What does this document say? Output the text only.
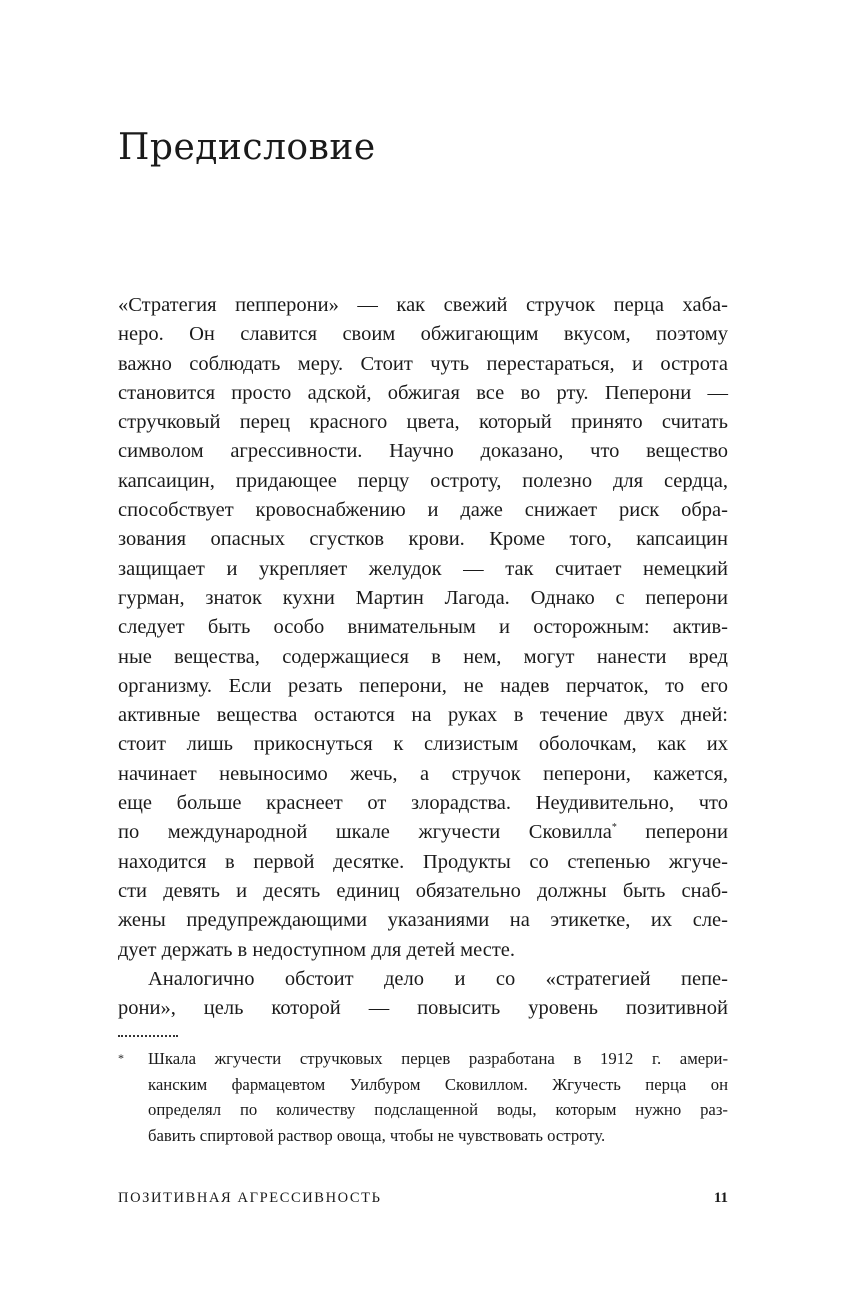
Предисловие
«Стратегия пепперони» — как свежий стручок перца хаба-
неро. Он славится своим обжигающим вкусом, поэтому
важно соблюдать меру. Стоит чуть перестараться, и острота
становится просто адской, обжигая все во рту. Пеперони —
стручковый перец красного цвета, который принято считать
символом агрессивности. Научно доказано, что вещество
капсаицин, придающее перцу остроту, полезно для сердца,
способствует кровоснабжению и даже снижает риск обра-
зования опасных сгустков крови. Кроме того, капсаицин
защищает и укрепляет желудок — так считает немецкий
гурман, знаток кухни Мартин Лагода. Однако с пеперони
следует быть особо внимательным и осторожным: актив-
ные вещества, содержащиеся в нем, могут нанести вред
организму. Если резать пеперони, не надев перчаток, то его
активные вещества остаются на руках в течение двух дней:
стоит лишь прикоснуться к слизистым оболочкам, как их
начинает невыносимо жечь, а стручок пеперони, кажется,
еще больше краснеет от злорадства. Неудивительно, что
по международной шкале жгучести Сковилла* пеперони
находится в первой десятке. Продукты со степенью жгуче-
сти девять и десять единиц обязательно должны быть снаб-
жены предупреждающими указаниями на этикетке, их сле-
дует держать в недоступном для детей месте.
Аналогично обстоит дело и со «стратегией пепе-
рони», цель которой — повысить уровень позитивной
* Шкала жгучести стручковых перцев разработана в 1912 г. амери-
канским фармацевтом Уилбуром Сковиллом. Жгучесть перца он
определял по количеству подслащенной воды, которым нужно раз-
бавить спиртовой раствор овоща, чтобы не чувствовать остроту.
ПОЗИТИВНАЯ АГРЕССИВНОСТЬ	11
